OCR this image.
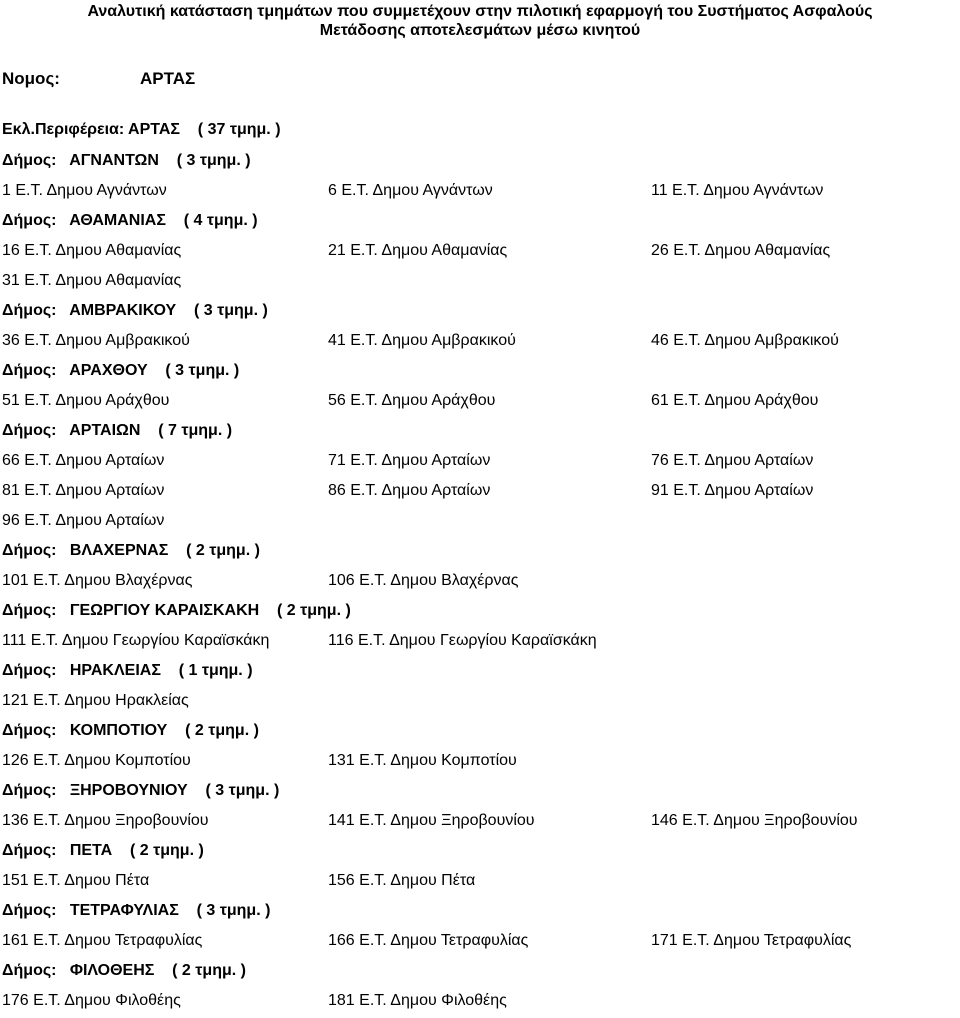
Αναλυτική κατάσταση τμημάτων που συμμετέχουν στην πιλοτική εφαρμογή του Συστήματος Ασφαλούς
Μετάδοσης αποτελεσμάτων μέσω κινητού
Νομος:	ΑΡΤΑΣ
Εκλ.Περιφέρεια: ΑΡΤΑΣ    ( 37 τμημ. )
Δήμος:   ΑΓΝΑΝΤΩΝ    ( 3 τμημ. )
1 Ε.Τ. Δημου Αγνάντων	6 Ε.Τ. Δημου Αγνάντων	11 Ε.Τ. Δημου Αγνάντων
Δήμος:   ΑΘΑΜΑΝΙΑΣ    ( 4 τμημ. )
16 Ε.Τ. Δημου Αθαμανίας	21 Ε.Τ. Δημου Αθαμανίας	26 Ε.Τ. Δημου Αθαμανίας
31 Ε.Τ. Δημου Αθαμανίας
Δήμος:   ΑΜΒΡΑΚΙΚΟΥ    ( 3 τμημ. )
36 Ε.Τ. Δημου Αμβρακικού	41 Ε.Τ. Δημου Αμβρακικού	46 Ε.Τ. Δημου Αμβρακικού
Δήμος:   ΑΡΑΧΘΟΥ    ( 3 τμημ. )
51 Ε.Τ. Δημου Αράχθου	56 Ε.Τ. Δημου Αράχθου	61 Ε.Τ. Δημου Αράχθου
Δήμος:   ΑΡΤΑΙΩΝ    ( 7 τμημ. )
66 Ε.Τ. Δημου Αρταίων	71 Ε.Τ. Δημου Αρταίων	76 Ε.Τ. Δημου Αρταίων
81 Ε.Τ. Δημου Αρταίων	86 Ε.Τ. Δημου Αρταίων	91 Ε.Τ. Δημου Αρταίων
96 Ε.Τ. Δημου Αρταίων
Δήμος:   ΒΛΑΧΕΡΝΑΣ    ( 2 τμημ. )
101 Ε.Τ. Δημου Βλαχέρνας	106 Ε.Τ. Δημου Βλαχέρνας
Δήμος:   ΓΕΩΡΓΙΟΥ ΚΑΡΑΙΣΚΑΚΗ    ( 2 τμημ. )
111 Ε.Τ. Δημου Γεωργίου Καραϊσκάκη	116 Ε.Τ. Δημου Γεωργίου Καραϊσκάκη
Δήμος:   ΗΡΑΚΛΕΙΑΣ    ( 1 τμημ. )
121 Ε.Τ. Δημου Ηρακλείας
Δήμος:   ΚΟΜΠΟΤΙΟΥ    ( 2 τμημ. )
126 Ε.Τ. Δημου Κομποτίου	131 Ε.Τ. Δημου Κομποτίου
Δήμος:   ΞΗΡΟΒΟΥΝΙΟΥ    ( 3 τμημ. )
136 Ε.Τ. Δημου Ξηροβουνίου	141 Ε.Τ. Δημου Ξηροβουνίου	146 Ε.Τ. Δημου Ξηροβουνίου
Δήμος:   ΠΕΤΑ    ( 2 τμημ. )
151 Ε.Τ. Δημου Πέτα	156 Ε.Τ. Δημου Πέτα
Δήμος:   ΤΕΤΡΑΦΥΛΙΑΣ    ( 3 τμημ. )
161 Ε.Τ. Δημου Τετραφυλίας	166 Ε.Τ. Δημου Τετραφυλίας	171 Ε.Τ. Δημου Τετραφυλίας
Δήμος:   ΦΙΛΟΘΕΗΣ    ( 2 τμημ. )
176 Ε.Τ. Δημου Φιλοθέης	181 Ε.Τ. Δημου Φιλοθέης
